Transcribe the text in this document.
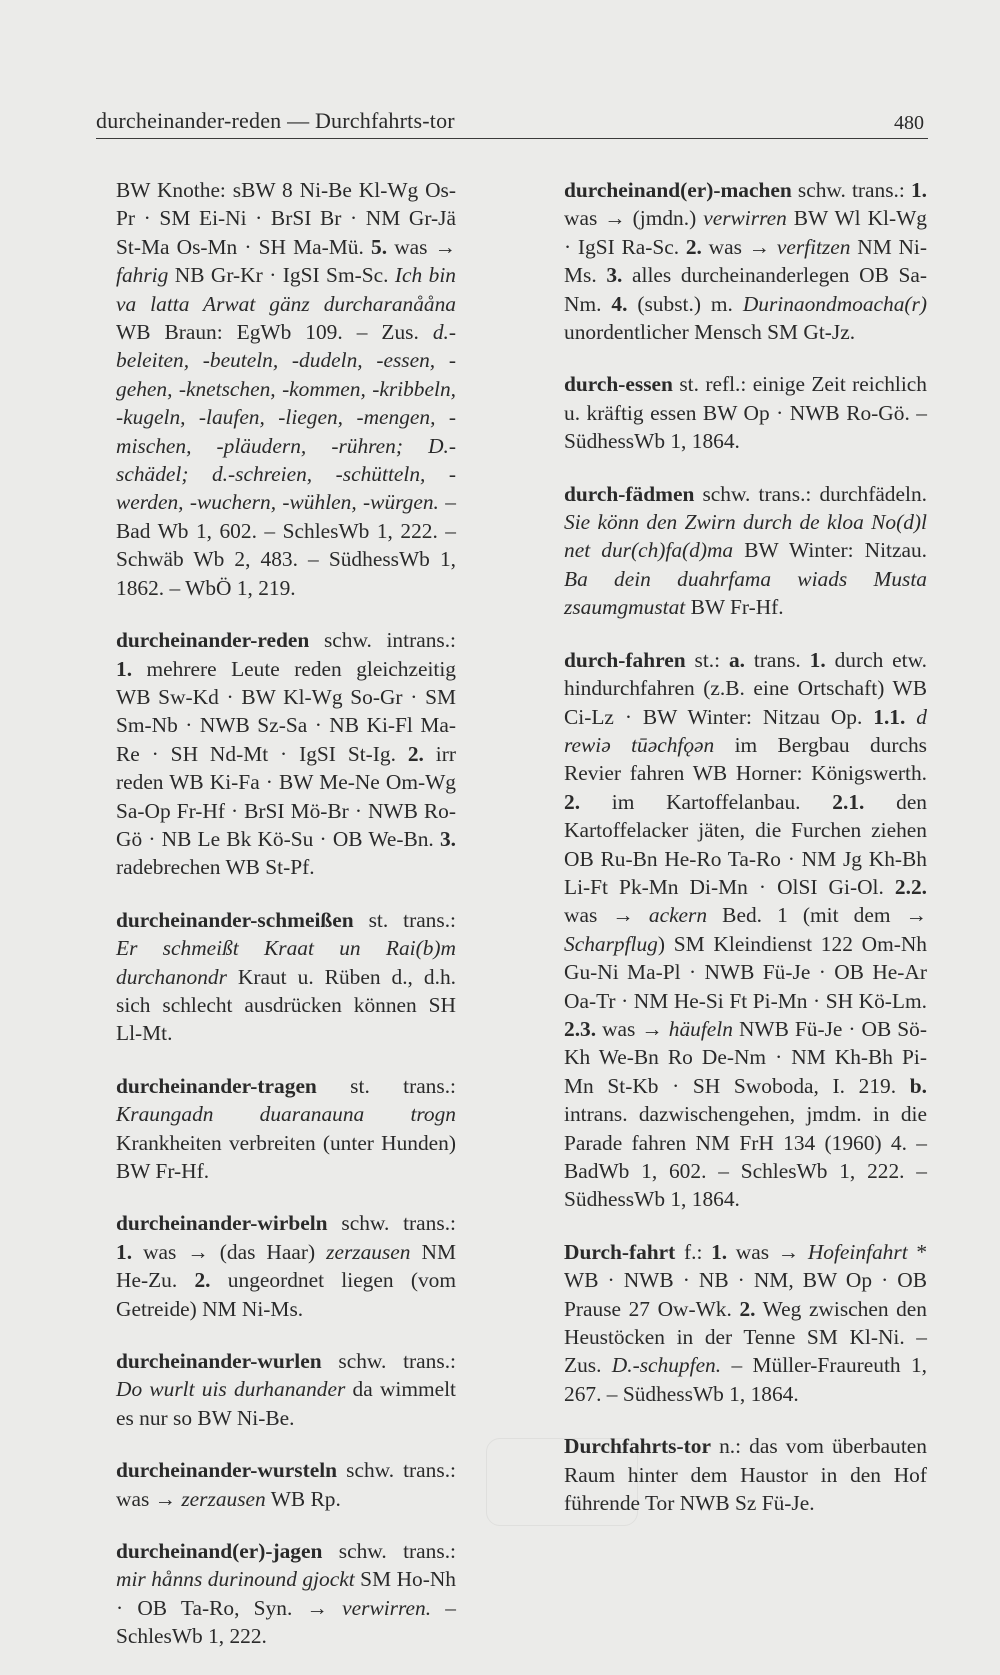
durcheinander-reden — Durchfahrts-tor	480

BW Knothe: sBW 8 Ni-Be Kl-Wg Os-Pr · SM Ei-Ni · BrSI Br · NM Gr-Jä St-Ma Os-Mn · SH Ma-Mü. 5. was → fahrig NB Gr-Kr · IgSI Sm-Sc. Ich bin va latta Arwat gänz durcharanååna WB Braun: EgWb 109. – Zus. d.-beleiten, -beuteln, -dudeln, -essen, -gehen, -knetschen, -kommen, -kribbeln, -kugeln, -laufen, -liegen, -mengen, -mischen, -pläudern, -rühren; D.-schädel; d.-schreien, -schütteln, -werden, -wuchern, -wühlen, -würgen. – Bad Wb 1, 602. – SchlesWb 1, 222. – Schwäb Wb 2, 483. – SüdhessWb 1, 1862. – WbÖ 1, 219.

durcheinander-reden schw. intrans.: 1. mehrere Leute reden gleichzeitig WB Sw-Kd · BW Kl-Wg So-Gr · SM Sm-Nb · NWB Sz-Sa · NB Ki-Fl Ma-Re · SH Nd-Mt · IgSI St-Ig. 2. irr reden WB Ki-Fa · BW Me-Ne Om-Wg Sa-Op Fr-Hf · BrSI Mö-Br · NWB Ro-Gö · NB Le Bk Kö-Su · OB We-Bn. 3. radebrechen WB St-Pf.

durcheinander-schmeißen st. trans.: Er schmeißt Kraat un Rai(b)m durchanondr Kraut u. Rüben d., d.h. sich schlecht ausdrücken können SH Ll-Mt.

durcheinander-tragen st. trans.: Kraungadn duaranauna trogn Krankheiten verbreiten (unter Hunden) BW Fr-Hf.

durcheinander-wirbeln schw. trans.: 1. was → (das Haar) zerzausen NM He-Zu. 2. ungeordnet liegen (vom Getreide) NM Ni-Ms.

durcheinander-wurlen schw. trans.: Do wurlt uis durhanander da wimmelt es nur so BW Ni-Be.

durcheinander-wursteln schw. trans.: was → zerzausen WB Rp.

durcheinand(er)-jagen schw. trans.: mir hånns durinound gjockt SM Ho-Nh · OB Ta-Ro, Syn. → verwirren. – SchlesWb 1, 222.

durcheinand(er)-machen schw. trans.: 1. was → (jmdn.) verwirren BW Wl Kl-Wg · IgSI Ra-Sc. 2. was → verfitzen NM Ni-Ms. 3. alles durcheinanderlegen OB Sa-Nm. 4. (subst.) m. Durinaondmoacha(r) unordentlicher Mensch SM Gt-Jz.

durch-essen st. refl.: einige Zeit reichlich u. kräftig essen BW Op · NWB Ro-Gö. – SüdhessWb 1, 1864.

durch-fädmen schw. trans.: durchfädeln. Sie könn den Zwirn durch de kloa No(d)l net dur(ch)fa(d)ma BW Winter: Nitzau. Ba dein duahrfama wiads Musta zsaumgmustat BW Fr-Hf.

durch-fahren st.: a. trans. 1. durch etw. hindurchfahren (z.B. eine Ortschaft) WB Ci-Lz · BW Winter: Nitzau Op. 1.1. d rewiə tūəchfǫən im Bergbau durchs Revier fahren WB Horner: Königswerth. 2. im Kartoffelanbau. 2.1. den Kartoffelacker jäten, die Furchen ziehen OB Ru-Bn He-Ro Ta-Ro · NM Jg Kh-Bh Li-Ft Pk-Mn Di-Mn · OlSI Gi-Ol. 2.2. was → ackern Bed. 1 (mit dem → Scharpflug) SM Kleindienst 122 Om-Nh Gu-Ni Ma-Pl · NWB Fü-Je · OB He-Ar Oa-Tr · NM He-Si Ft Pi-Mn · SH Kö-Lm. 2.3. was → häufeln NWB Fü-Je · OB Sö-Kh We-Bn Ro De-Nm · NM Kh-Bh Pi-Mn St-Kb · SH Swoboda, I. 219. b. intrans. dazwischengehen, jmdm. in die Parade fahren NM FrH 134 (1960) 4. – BadWb 1, 602. – SchlesWb 1, 222. – SüdhessWb 1, 1864.

Durch-fahrt f.: 1. was → Hofeinfahrt * WB · NWB · NB · NM, BW Op · OB Prause 27 Ow-Wk. 2. Weg zwischen den Heustöcken in der Tenne SM Kl-Ni. – Zus. D.-schupfen. – Müller-Fraureuth 1, 267. – SüdhessWb 1, 1864.

Durchfahrts-tor n.: das vom überbauten Raum hinter dem Haustor in den Hof führende Tor NWB Sz Fü-Je.
